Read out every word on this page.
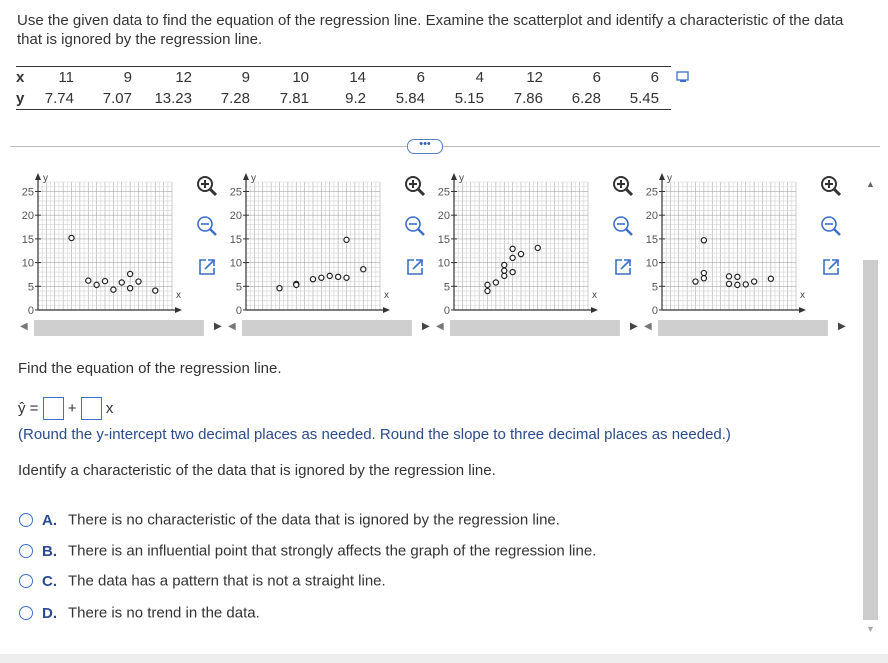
Use the given data to find the equation of the regression line. Examine the scatterplot and identify a characteristic of the data that is ignored by the regression line.
x	11	9	12	9	10	14	6	4	12	6	6
y	7.74	7.07	13.23	7.28	7.81	9.2	5.84	5.15	7.86	6.28	5.45
•••
25
20
15
10
5
0
y
x
◀	▶
25
20
15
10
5
0
y
x
◀	▶
25
20
15
10
5
0
y
x
◀	▶
25
20
15
10
5
0
y
x
◀	▶
Find the equation of the regression line.
ŷ = + x
(Round the y-intercept two decimal places as needed. Round the slope to three decimal places as needed.)
Identify a characteristic of the data that is ignored by the regression line.
A. There is no characteristic of the data that is ignored by the regression line.
B. There is an influential point that strongly affects the graph of the regression line.
C. The data has a pattern that is not a straight line.
D. There is no trend in the data.
▲
▼
